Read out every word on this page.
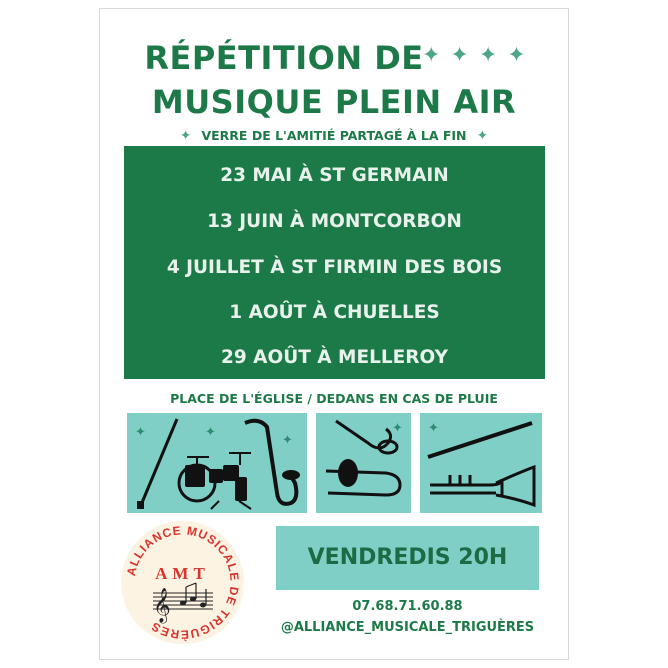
RÉPÉTITION DE
✦✦✦✦
MUSIQUE PLEIN AIR
✦ VERRE DE L'AMITIÉ PARTAGÉ À LA FIN ✦
23 MAI À ST GERMAIN
13 JUIN À MONTCORBON
4 JUILLET À ST FIRMIN DES BOIS
1 AOÛT À CHUELLES
29 AOÛT À MELLEROY
PLACE DE L'ÉGLISE / DEDANS EN CAS DE PLUIE
✦	✦
✦
✦ ✦
ALLIANCE MUSICALE DE TRIGUÈRES
AMT
𝄞
VENDREDIS 20H
07.68.71.60.88
@ALLIANCE_MUSICALE_TRIGUÈRES
